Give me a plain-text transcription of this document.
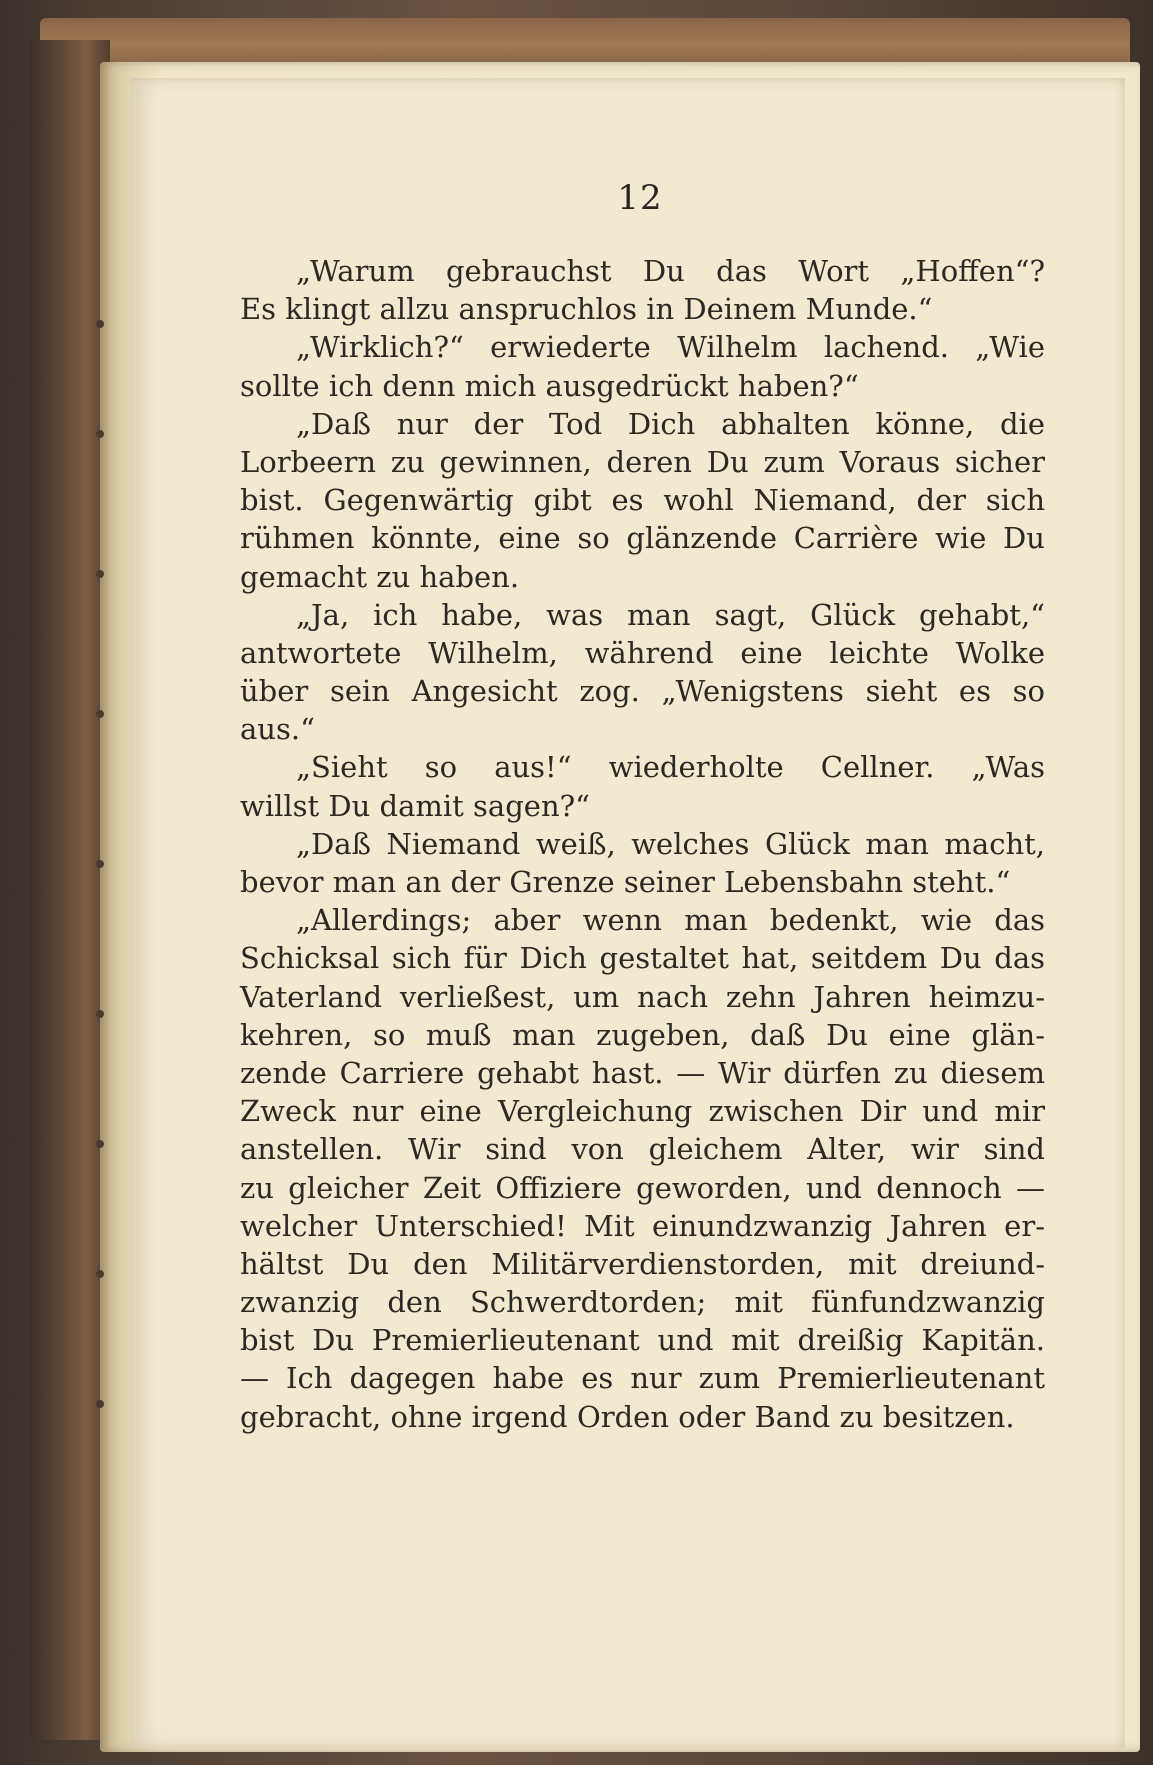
12
„Warum gebrauchst Du das Wort „Hoffen“?
Es klingt allzu anspruchlos in Deinem Munde.“
„Wirklich?“ erwiederte Wilhelm lachend. „Wie
sollte ich denn mich ausgedrückt haben?“
„Daß nur der Tod Dich abhalten könne, die
Lorbeern zu gewinnen, deren Du zum Voraus sicher
bist. Gegenwärtig gibt es wohl Niemand, der sich
rühmen könnte, eine so glänzende Carrière wie Du
gemacht zu haben.
„Ja, ich habe, was man sagt, Glück gehabt,“
antwortete Wilhelm, während eine leichte Wolke
über sein Angesicht zog. „Wenigstens sieht es so
aus.“
„Sieht so aus!“ wiederholte Cellner. „Was
willst Du damit sagen?“
„Daß Niemand weiß, welches Glück man macht,
bevor man an der Grenze seiner Lebensbahn steht.“
„Allerdings; aber wenn man bedenkt, wie das
Schicksal sich für Dich gestaltet hat, seitdem Du das
Vaterland verließest, um nach zehn Jahren heimzu-
kehren, so muß man zugeben, daß Du eine glän-
zende Carriere gehabt hast. — Wir dürfen zu diesem
Zweck nur eine Vergleichung zwischen Dir und mir
anstellen. Wir sind von gleichem Alter, wir sind
zu gleicher Zeit Offiziere geworden, und dennoch —
welcher Unterschied! Mit einundzwanzig Jahren er-
hältst Du den Militärverdienstorden, mit dreiund-
zwanzig den Schwerdtorden; mit fünfundzwanzig
bist Du Premierlieutenant und mit dreißig Kapitän.
— Ich dagegen habe es nur zum Premierlieutenant
gebracht, ohne irgend Orden oder Band zu besitzen.
